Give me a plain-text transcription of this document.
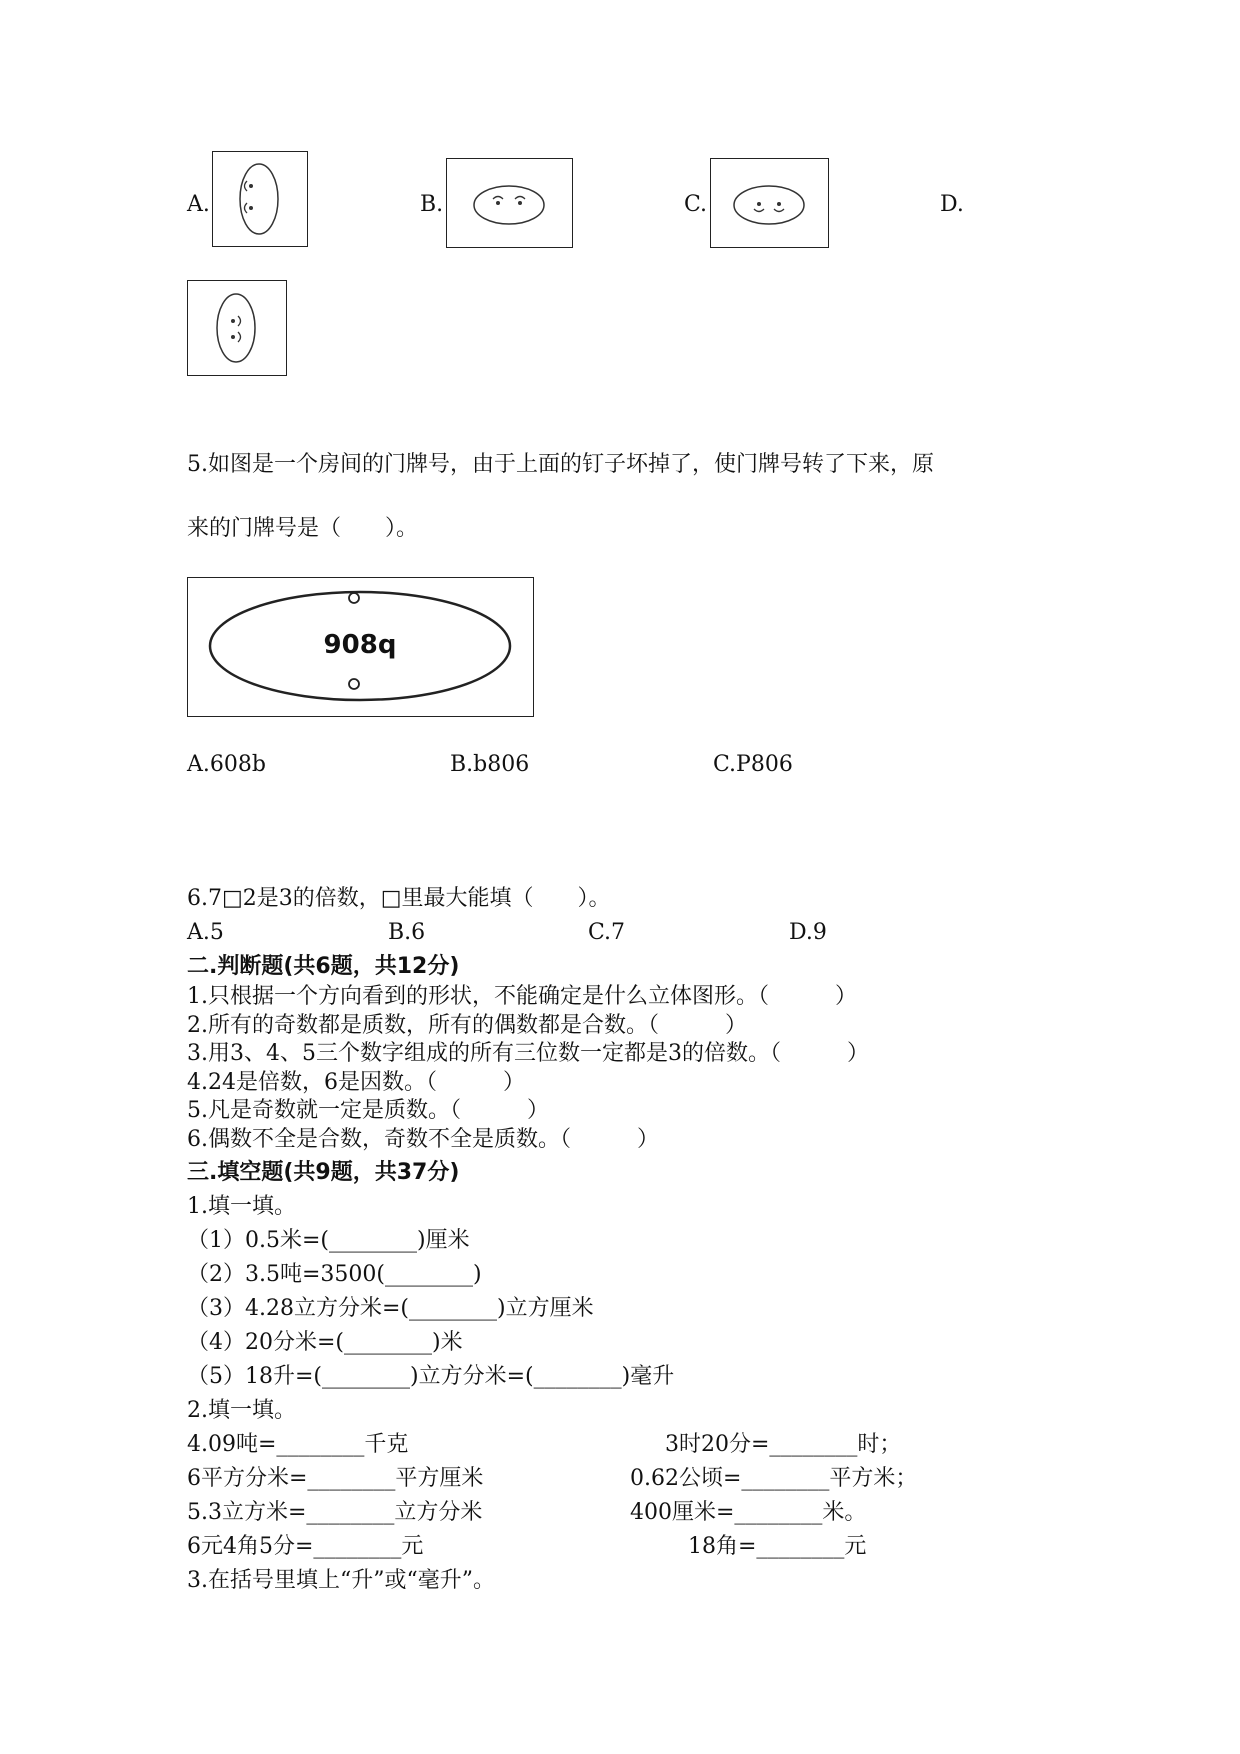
A.	B.	C.	D.
5.如图是一个房间的门牌号，由于上面的钉子坏掉了，使门牌号转了下来，原
来的门牌号是（　　）。
908q
A.608b	B.b806	C.P806
6.7□2是3的倍数，□里最大能填（　　）。
A.5	B.6	C.7	D.9
二.判断题(共6题，共12分)
1.只根据一个方向看到的形状，不能确定是什么立体图形。（　　　）
2.所有的奇数都是质数，所有的偶数都是合数。（　　　）
3.用3、4、5三个数字组成的所有三位数一定都是3的倍数。（　　　）
4.24是倍数，6是因数。（　　　）
5.凡是奇数就一定是质数。（　　　）
6.偶数不全是合数，奇数不全是质数。（　　　）
三.填空题(共9题，共37分)
1.填一填。
（1）0.5米=(________)厘米
（2）3.5吨=3500(________)
（3）4.28立方分米=(________)立方厘米
（4）20分米=(________)米
（5）18升=(________)立方分米=(________)毫升
2.填一填。
4.09吨=________千克	3时20分=________时；
6平方分米=________平方厘米	0.62公顷=________平方米；
5.3立方米=________立方分米	400厘米=________米。
6元4角5分=________元	18角=________元
3.在括号里填上“升”或“毫升”。
